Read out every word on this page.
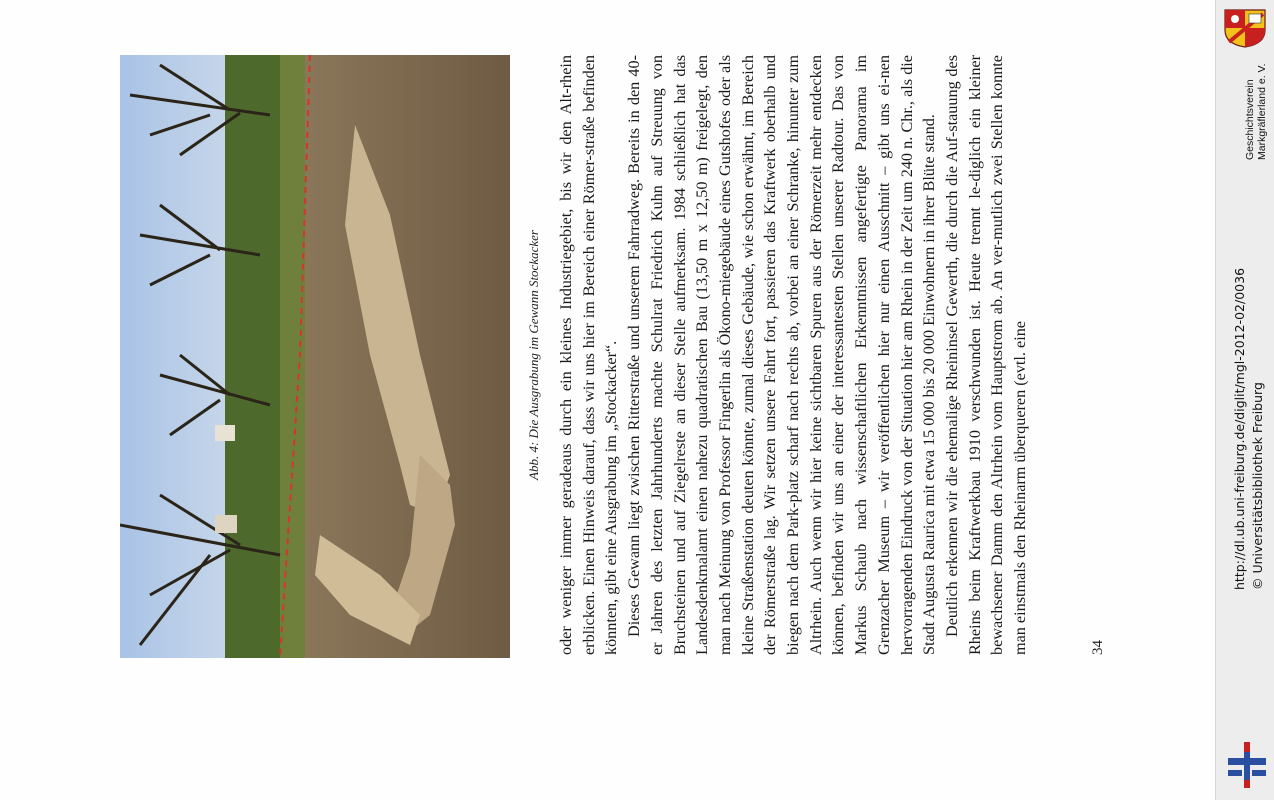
Abb. 4: Die Ausgrabung im Gewann Stockacker oder weniger immer geradeaus durch ein kleines Industriegebiet, bis wir den Alt-rhein erblicken. Einen Hinweis darauf, dass wir uns hier im Bereich einer Römer-straße befinden könnten, gibt eine Ausgrabung im „Stockacker“. Dieses Gewann liegt zwischen Ritterstraße und unserem Fahrradweg. Bereits in den 40-er Jahren des letzten Jahrhunderts machte Schulrat Friedrich Kuhn auf Streuung von Bruchsteinen und auf Ziegelreste an dieser Stelle aufmerksam. 1984 schließlich hat das Landesdenkmalamt einen nahezu quadratischen Bau (13,50 m x 12,50 m) freigelegt, den man nach Meinung von Professor Fingerlin als Ökono-miegebäude eines Gutshofes oder als kleine Straßenstation deuten könnte, zumal dieses Gebäude, wie schon erwähnt, im Bereich der Römerstraße lag. Wir setzen unsere Fahrt fort, passieren das Kraftwerk oberhalb und biegen nach dem Park-platz scharf nach rechts ab, vorbei an einer Schranke, hinunter zum Altrhein. Auch wenn wir hier keine sichtbaren Spuren aus der Römerzeit mehr entdecken können, befinden wir uns an einer der interessantesten Stellen unserer Radtour. Das von Markus Schaub nach wissenschaftlichen Erkenntnissen angefertigte Panorama im Grenzacher Museum – wir veröffentlichen hier nur einen Ausschnitt – gibt uns ei-nen hervorragenden Eindruck von der Situation hier am Rhein in der Zeit um 240 n. Chr., als die Stadt Augusta Raurica mit etwa 15 000 bis 20 000 Einwohnern in ihrer Blüte stand. Deutlich erkennen wir die ehemalige Rheininsel Gewerth, die durch die Auf-stauung des Rheins beim Kraftwerkbau 1910 verschwunden ist. Heute trennt le-diglich ein kleiner bewachsener Damm den Altrhein vom Hauptstrom ab. An ver-mutlich zwei Stellen konnte man einstmals den Rheinarm überqueren (evtl. eine	34
Geschichtsverein Markgräflerland e. V.
http://dl.ub.uni-freiburg.de/diglit/mgl-2012-02/0036 © Universitätsbibliothek Freiburg
